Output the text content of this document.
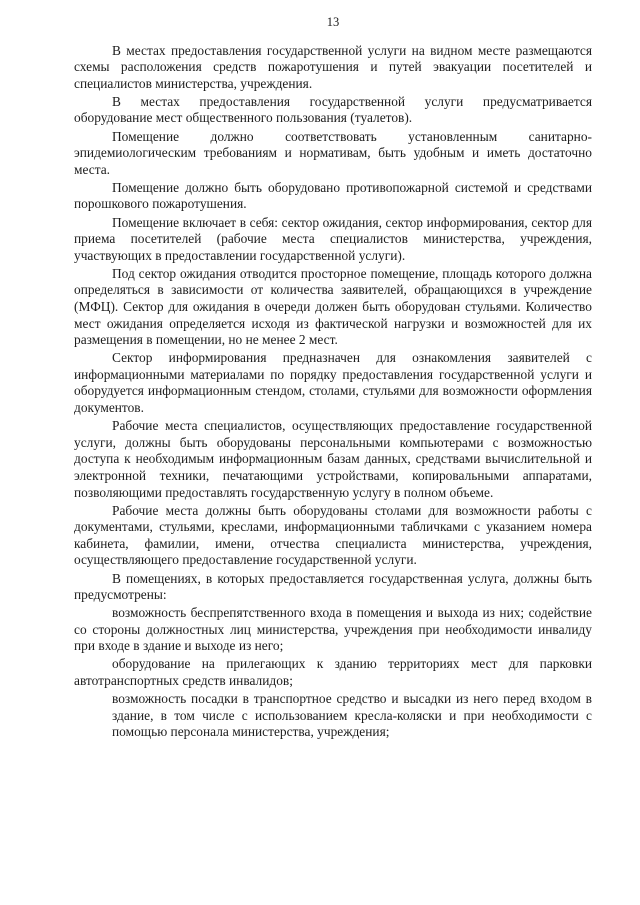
13

В местах предоставления государственной услуги на видном месте размещаются схемы расположения средств пожаротушения и путей эвакуации посетителей и специалистов министерства, учреждения.

В местах предоставления государственной услуги предусматривается оборудование мест общественного пользования (туалетов).

Помещение должно соответствовать установленным санитарно-эпидемиологическим требованиям и нормативам, быть удобным и иметь достаточно места.

Помещение должно быть оборудовано противопожарной системой и средствами порошкового пожаротушения.

Помещение включает в себя: сектор ожидания, сектор информирования, сектор для приема посетителей (рабочие места специалистов министерства, учреждения, участвующих в предоставлении государственной услуги).

Под сектор ожидания отводится просторное помещение, площадь которого должна определяться в зависимости от количества заявителей, обращающихся в учреждение (МФЦ). Сектор для ожидания в очереди должен быть оборудован стульями. Количество мест ожидания определяется исходя из фактической нагрузки и возможностей для их размещения в помещении, но не менее 2 мест.

Сектор информирования предназначен для ознакомления заявителей с информационными материалами по порядку предоставления государственной услуги и оборудуется информационным стендом, столами, стульями для возможности оформления документов.

Рабочие места специалистов, осуществляющих предоставление государственной услуги, должны быть оборудованы персональными компьютерами с возможностью доступа к необходимым информационным базам данных, средствами вычислительной и электронной техники, печатающими устройствами, копировальными аппаратами, позволяющими предоставлять государственную услугу в полном объеме.

Рабочие места должны быть оборудованы столами для возможности работы с документами, стульями, креслами, информационными табличками с указанием номера кабинета, фамилии, имени, отчества специалиста министерства, учреждения, осуществляющего предоставление государственной услуги.

В помещениях, в которых предоставляется государственная услуга, должны быть предусмотрены:

возможность беспрепятственного входа в помещения и выхода из них; содействие со стороны должностных лиц министерства, учреждения при необходимости инвалиду при входе в здание и выходе из него;

оборудование на прилегающих к зданию территориях мест для парковки автотранспортных средств инвалидов;

возможность посадки в транспортное средство и высадки из него перед входом в здание, в том числе с использованием кресла-коляски и при необходимости с помощью персонала министерства, учреждения;
